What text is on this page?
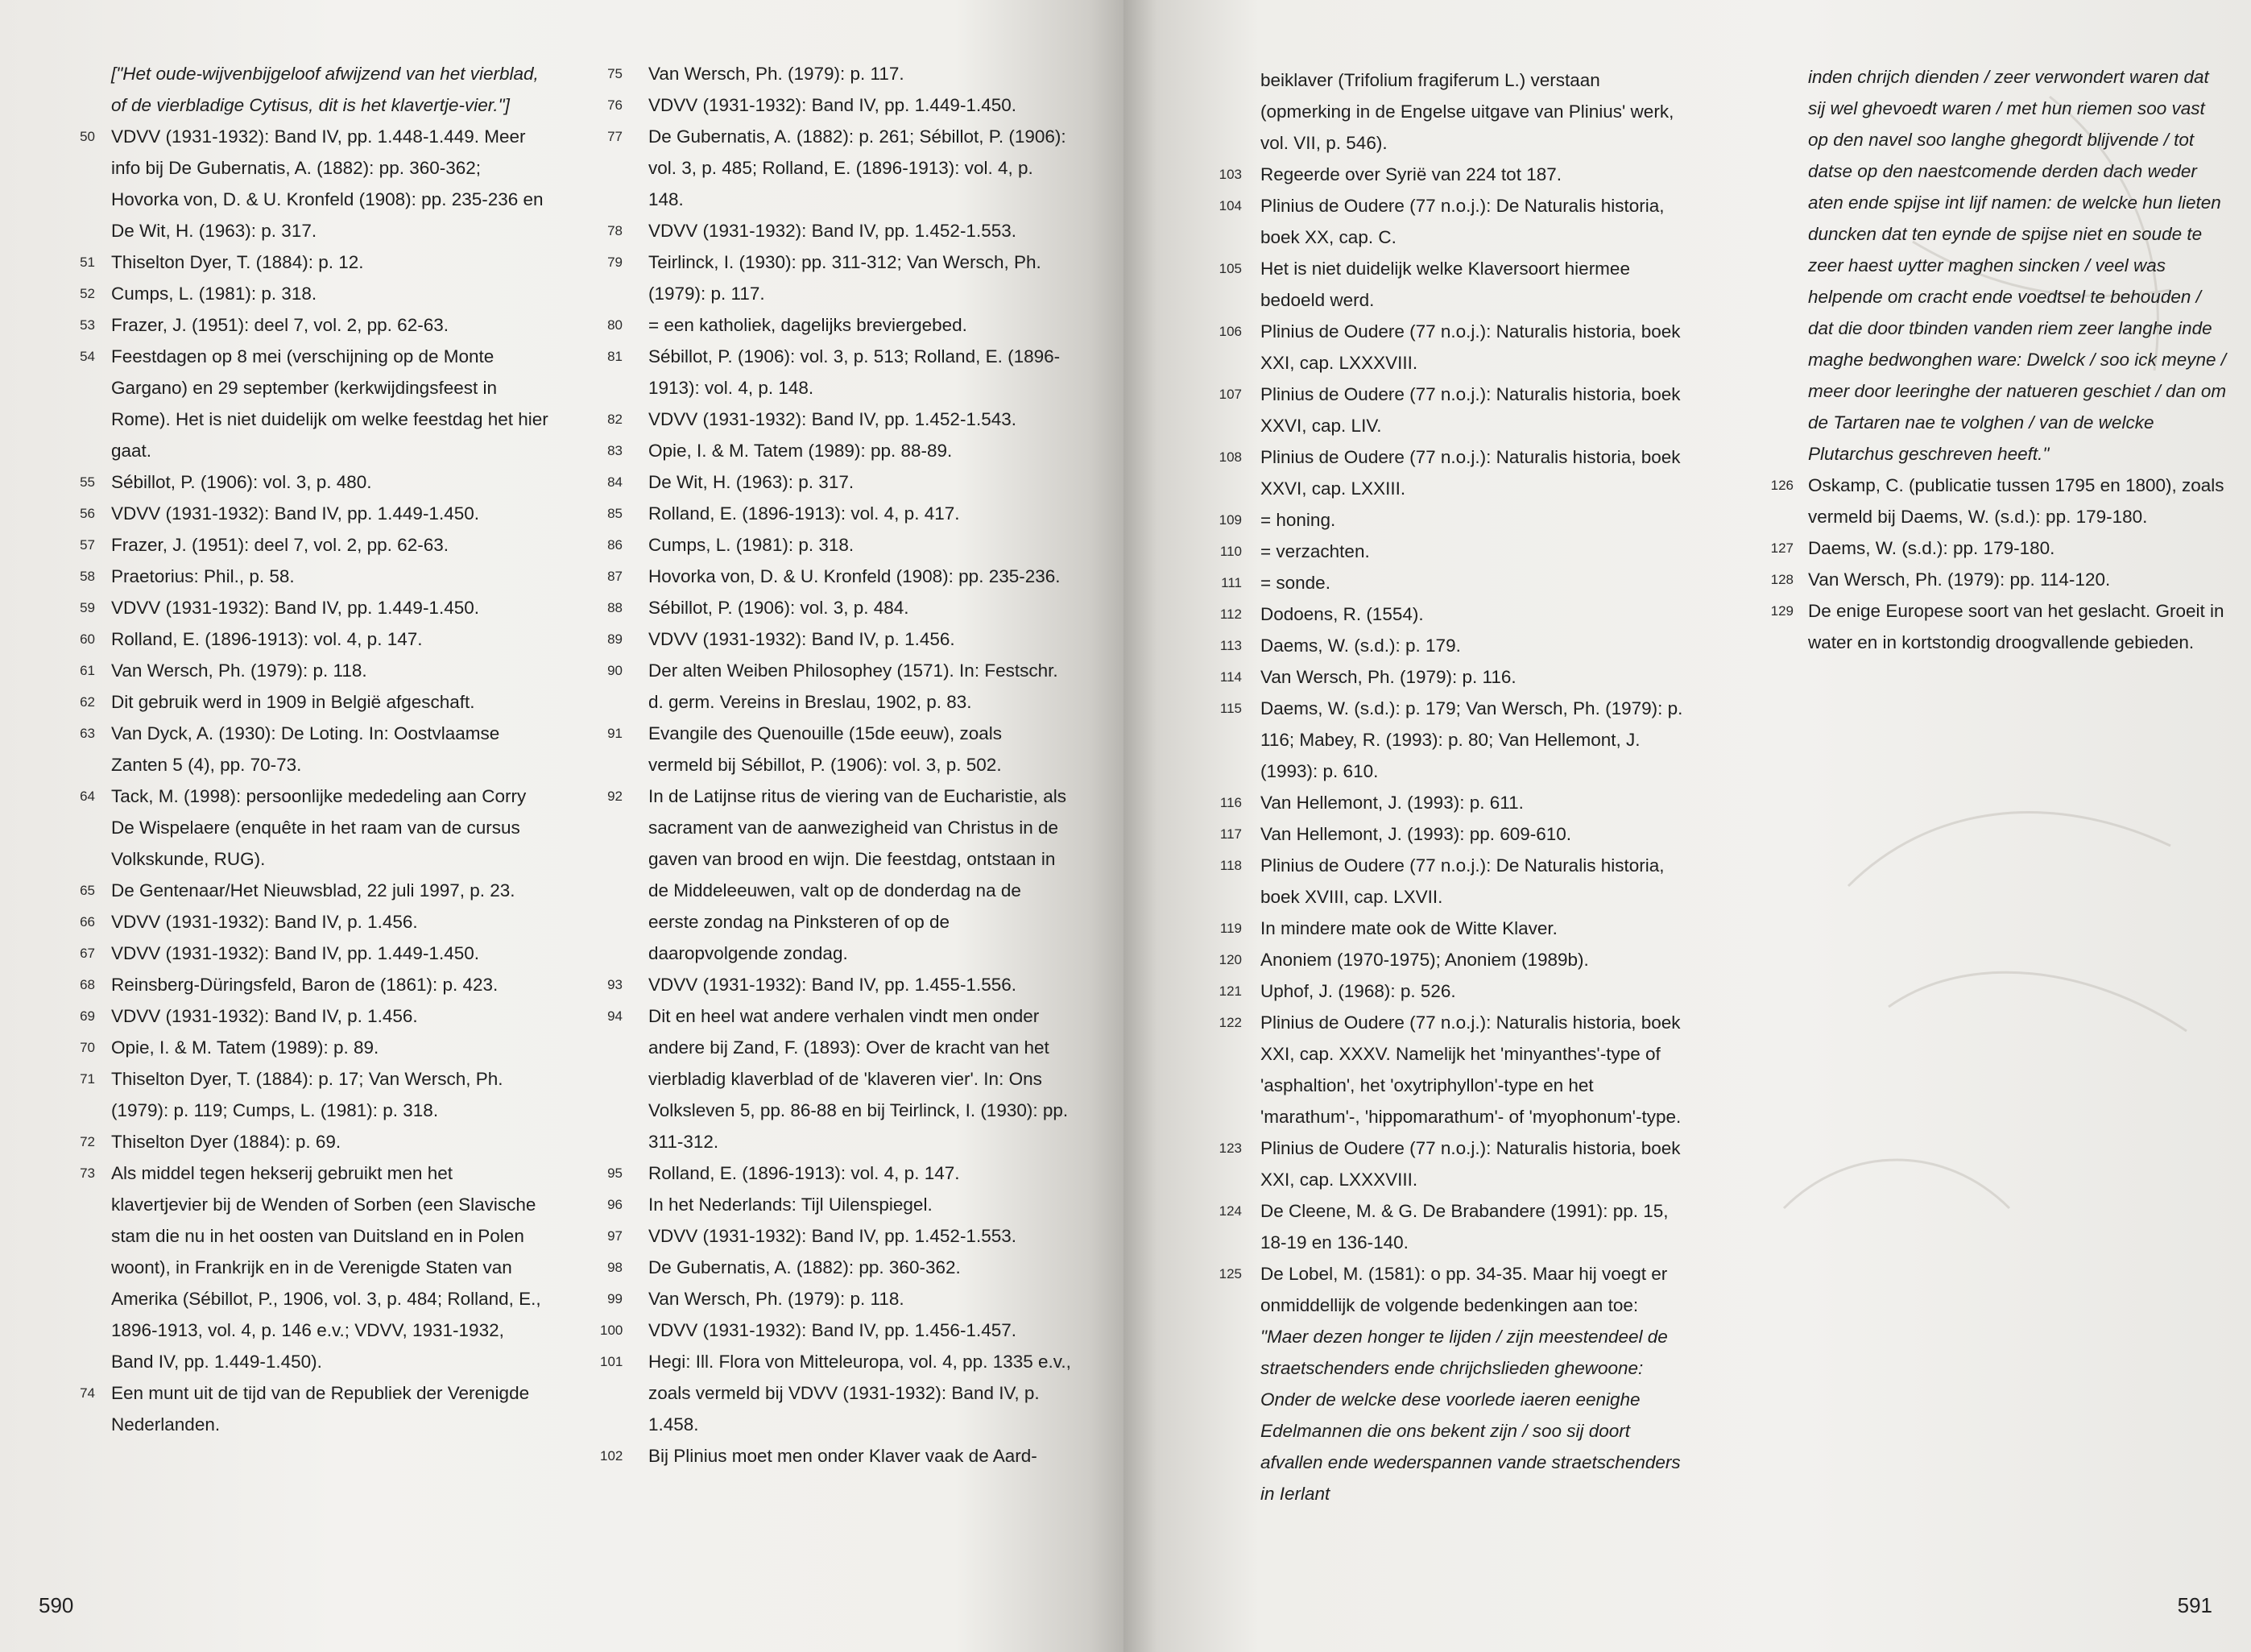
["Het oude-wijvenbijgeloof afwijzend van het vierblad, of de vierbladige Cytisus, dit is het klavertje-vier."]
50 VDVV (1931-1932): Band IV, pp. 1.448-1.449. Meer info bij De Gubernatis, A. (1882): pp. 360-362; Hovorka von, D. & U. Kronfeld (1908): pp. 235-236 en De Wit, H. (1963): p. 317.
51 Thiselton Dyer, T. (1884): p. 12.
52 Cumps, L. (1981): p. 318.
53 Frazer, J. (1951): deel 7, vol. 2, pp. 62-63.
54 Feestdagen op 8 mei (verschijning op de Monte Gargano) en 29 september (kerkwijdingsfeest in Rome). Het is niet duidelijk om welke feestdag het hier gaat.
55 Sébillot, P. (1906): vol. 3, p. 480.
56 VDVV (1931-1932): Band IV, pp. 1.449-1.450.
57 Frazer, J. (1951): deel 7, vol. 2, pp. 62-63.
58 Praetorius: Phil., p. 58.
59 VDVV (1931-1932): Band IV, pp. 1.449-1.450.
60 Rolland, E. (1896-1913): vol. 4, p. 147.
61 Van Wersch, Ph. (1979): p. 118.
62 Dit gebruik werd in 1909 in België afgeschaft.
63 Van Dyck, A. (1930): De Loting. In: Oostvlaamse Zanten 5 (4), pp. 70-73.
64 Tack, M. (1998): persoonlijke mededeling aan Corry De Wispelaere (enquête in het raam van de cursus Volkskunde, RUG).
65 De Gentenaar/Het Nieuwsblad, 22 juli 1997, p. 23.
66 VDVV (1931-1932): Band IV, p. 1.456.
67 VDVV (1931-1932): Band IV, pp. 1.449-1.450.
68 Reinsberg-Düringsfeld, Baron de (1861): p. 423.
69 VDVV (1931-1932): Band IV, p. 1.456.
70 Opie, I. & M. Tatem (1989): p. 89.
71 Thiselton Dyer, T. (1884): p. 17; Van Wersch, Ph. (1979): p. 119; Cumps, L. (1981): p. 318.
72 Thiselton Dyer (1884): p. 69.
73 Als middel tegen hekserij gebruikt men het klavertjevier bij de Wenden of Sorben (een Slavische stam die nu in het oosten van Duitsland en in Polen woont), in Frankrijk en in de Verenigde Staten van Amerika (Sébillot, P., 1906, vol. 3, p. 484; Rolland, E., 1896-1913, vol. 4, p. 146 e.v.; VDVV, 1931-1932, Band IV, pp. 1.449-1.450).
74 Een munt uit de tijd van de Republiek der Verenigde Nederlanden.
75 Van Wersch, Ph. (1979): p. 117.
76 VDVV (1931-1932): Band IV, pp. 1.449-1.450.
77 De Gubernatis, A. (1882): p. 261; Sébillot, P. (1906): vol. 3, p. 485; Rolland, E. (1896-1913): vol. 4, p. 148.
78 VDVV (1931-1932): Band IV, pp. 1.452-1.553.
79 Teirlinck, I. (1930): pp. 311-312; Van Wersch, Ph. (1979): p. 117.
80 = een katholiek, dagelijks breviergebed.
81 Sébillot, P. (1906): vol. 3, p. 513; Rolland, E. (1896-1913): vol. 4, p. 148.
82 VDVV (1931-1932): Band IV, pp. 1.452-1.543.
83 Opie, I. & M. Tatem (1989): pp. 88-89.
84 De Wit, H. (1963): p. 317.
85 Rolland, E. (1896-1913): vol. 4, p. 417.
86 Cumps, L. (1981): p. 318.
87 Hovorka von, D. & U. Kronfeld (1908): pp. 235-236.
88 Sébillot, P. (1906): vol. 3, p. 484.
89 VDVV (1931-1932): Band IV, p. 1.456.
90 Der alten Weiben Philosophey (1571). In: Festschr. d. germ. Vereins in Breslau, 1902, p. 83.
91 Evangile des Quenouille (15de eeuw), zoals vermeld bij Sébillot, P. (1906): vol. 3, p. 502.
92 In de Latijnse ritus de viering van de Eucharistie, als sacrament van de aanwezigheid van Christus in de gaven van brood en wijn. Die feestdag, ontstaan in de Middeleeuwen, valt op de donderdag na de eerste zondag na Pinksteren of op de daaropvolgende zondag.
93 VDVV (1931-1932): Band IV, pp. 1.455-1.556.
94 Dit en heel wat andere verhalen vindt men onder andere bij Zand, F. (1893): Over de kracht van het vierbladig klaverblad of de 'klaveren vier'. In: Ons Volksleven 5, pp. 86-88 en bij Teirlinck, I. (1930): pp. 311-312.
95 Rolland, E. (1896-1913): vol. 4, p. 147.
96 In het Nederlands: Tijl Uilenspiegel.
97 VDVV (1931-1932): Band IV, pp. 1.452-1.553.
98 De Gubernatis, A. (1882): pp. 360-362.
99 Van Wersch, Ph. (1979): p. 118.
100 VDVV (1931-1932): Band IV, pp. 1.456-1.457.
101 Hegi: Ill. Flora von Mitteleuropa, vol. 4, pp. 1335 e.v., zoals vermeld bij VDVV (1931-1932): Band IV, p. 1.458.
102 Bij Plinius moet men onder Klaver vaak de Aard-
590
beiklaver (Trifolium fragiferum L.) verstaan (opmerking in de Engelse uitgave van Plinius' werk, vol. VII, p. 546).
103 Regeerde over Syrië van 224 tot 187.
104 Plinius de Oudere (77 n.o.j.): De Naturalis historia, boek XX, cap. C.
105 Het is niet duidelijk welke Klaversoort hiermee bedoeld werd.
106 Plinius de Oudere (77 n.o.j.): Naturalis historia, boek XXI, cap. LXXXVIII.
107 Plinius de Oudere (77 n.o.j.): Naturalis historia, boek XXVI, cap. LIV.
108 Plinius de Oudere (77 n.o.j.): Naturalis historia, boek XXVI, cap. LXXIII.
109 = honing.
110 = verzachten.
111 = sonde.
112 Dodoens, R. (1554).
113 Daems, W. (s.d.): p. 179.
114 Van Wersch, Ph. (1979): p. 116.
115 Daems, W. (s.d.): p. 179; Van Wersch, Ph. (1979): p. 116; Mabey, R. (1993): p. 80; Van Hellemont, J. (1993): p. 610.
116 Van Hellemont, J. (1993): p. 611.
117 Van Hellemont, J. (1993): pp. 609-610.
118 Plinius de Oudere (77 n.o.j.): De Naturalis historia, boek XVIII, cap. LXVII.
119 In mindere mate ook de Witte Klaver.
120 Anoniem (1970-1975); Anoniem (1989b).
121 Uphof, J. (1968): p. 526.
122 Plinius de Oudere (77 n.o.j.): Naturalis historia, boek XXI, cap. XXXV. Namelijk het 'minyanthes'-type of 'asphaltion', het 'oxytriphyllon'-type en het 'marathum'-, 'hippomarathum'- of 'myophonum'-type.
123 Plinius de Oudere (77 n.o.j.): Naturalis historia, boek XXI, cap. LXXXVIII.
124 De Cleene, M. & G. De Brabandere (1991): pp. 15, 18-19 en 136-140.
125 De Lobel, M. (1581): o pp. 34-35. Maar hij voegt er onmiddellijk de volgende bedenkingen aan toe:
"Maer dezen honger te lijden / zijn meestendeel de straetschenders ende chrijchslieden ghewoone: Onder de welcke dese voorlede iaeren eenighe Edelmannen die ons bekent zijn / soo sij doort afvallen ende wederspannen vande straetschenders in Ierlant
inden chrijch dienden / zeer verwondert waren dat sij wel ghevoedt waren / met hun riemen soo vast op den navel soo langhe ghegordt blijvende / tot datse op den naestcomende derden dach weder aten ende spijse int lijf namen: de welcke hun lieten duncken dat ten eynde de spijse niet en soude te zeer haest uytter maghen sincken / veel was helpende om cracht ende voedtsel te behouden / dat die door tbinden vanden riem zeer langhe inde maghe bedwonghen ware: Dwelck / soo ick meyne / meer door leeringhe der natueren geschiet / dan om de Tartaren nae te volghen / van de welcke Plutarchus geschreven heeft."
126 Oskamp, C. (publicatie tussen 1795 en 1800), zoals vermeld bij Daems, W. (s.d.): pp. 179-180.
127 Daems, W. (s.d.): pp. 179-180.
128 Van Wersch, Ph. (1979): pp. 114-120.
129 De enige Europese soort van het geslacht. Groeit in water en in kortstondig droogvallende gebieden.
591
